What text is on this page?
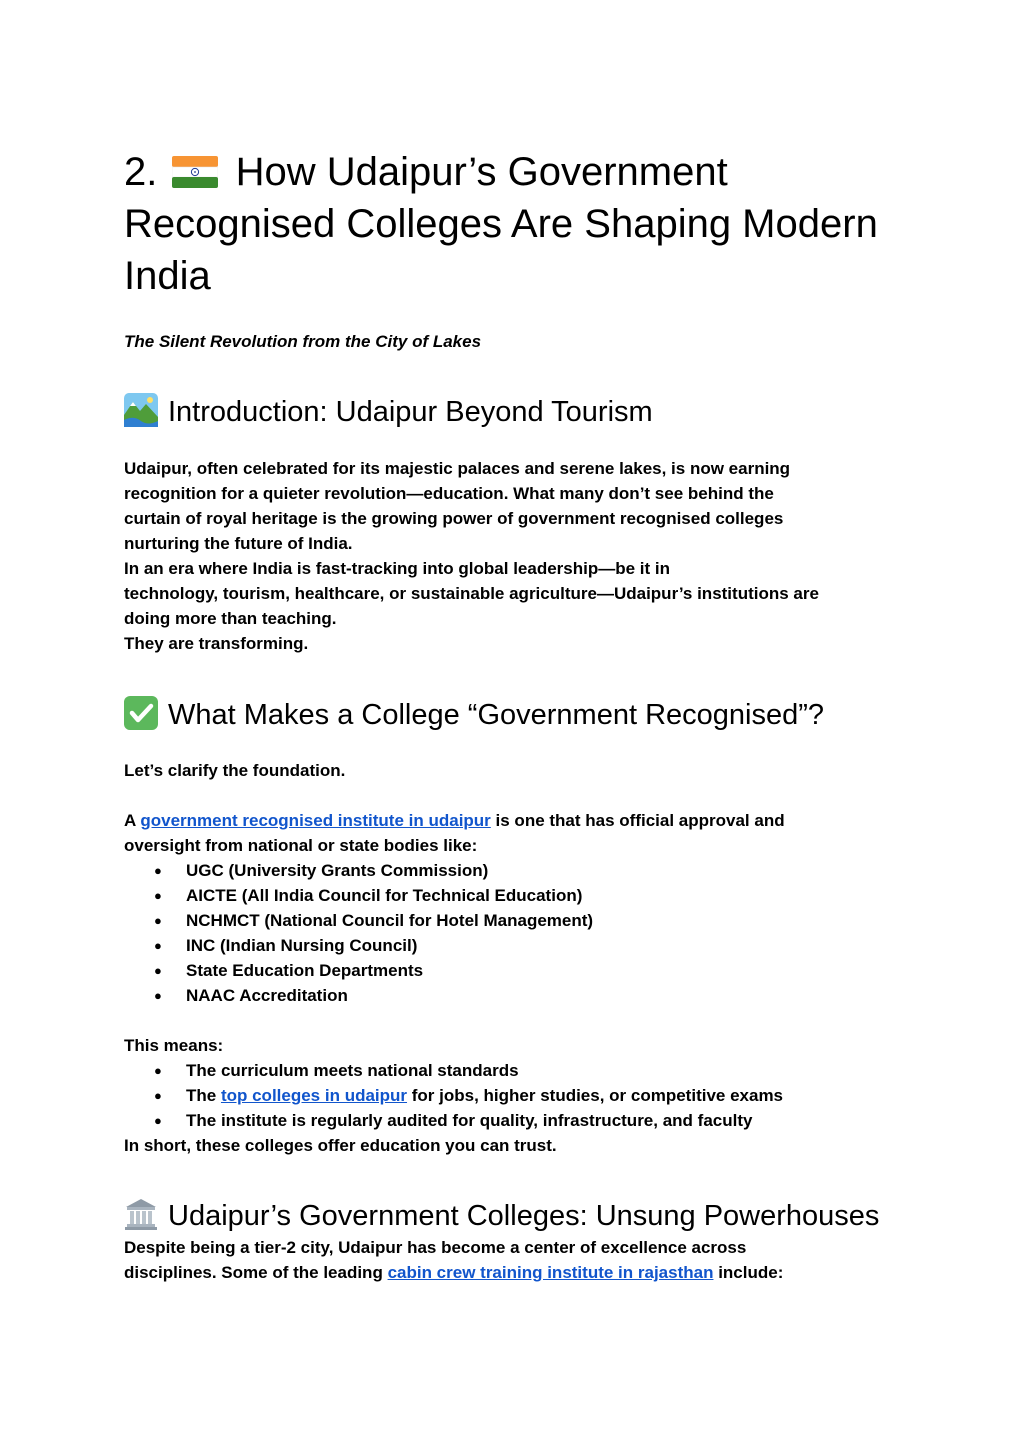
2. How Udaipur’s Government Recognised Colleges Are Shaping Modern India

The Silent Revolution from the City of Lakes

Introduction: Udaipur Beyond Tourism
Udaipur, often celebrated for its majestic palaces and serene lakes, is now earning
recognition for a quieter revolution—education. What many don’t see behind the
curtain of royal heritage is the growing power of government recognised colleges
nurturing the future of India.
In an era where India is fast-tracking into global leadership—be it in
technology, tourism, healthcare, or sustainable agriculture—Udaipur’s institutions are
doing more than teaching.
They are transforming.
What Makes a College “Government Recognised”?

Let’s clarify the foundation.

A government recognised institute in udaipur is one that has official approval and
oversight from national or state bodies like:
● UGC (University Grants Commission)
● AICTE (All India Council for Technical Education)
● NCHMCT (National Council for Hotel Management)
● INC (Indian Nursing Council)
● State Education Departments
● NAAC Accreditation

This means:

● The curriculum meets national standards
● The top colleges in udaipur for jobs, higher studies, or competitive exams
● The institute is regularly audited for quality, infrastructure, and faculty

In short, these colleges offer education you can trust.

Udaipur’s Government Colleges: Unsung Powerhouses
Despite being a tier-2 city, Udaipur has become a center of excellence across
disciplines. Some of the leading cabin crew training institute in rajasthan include:
